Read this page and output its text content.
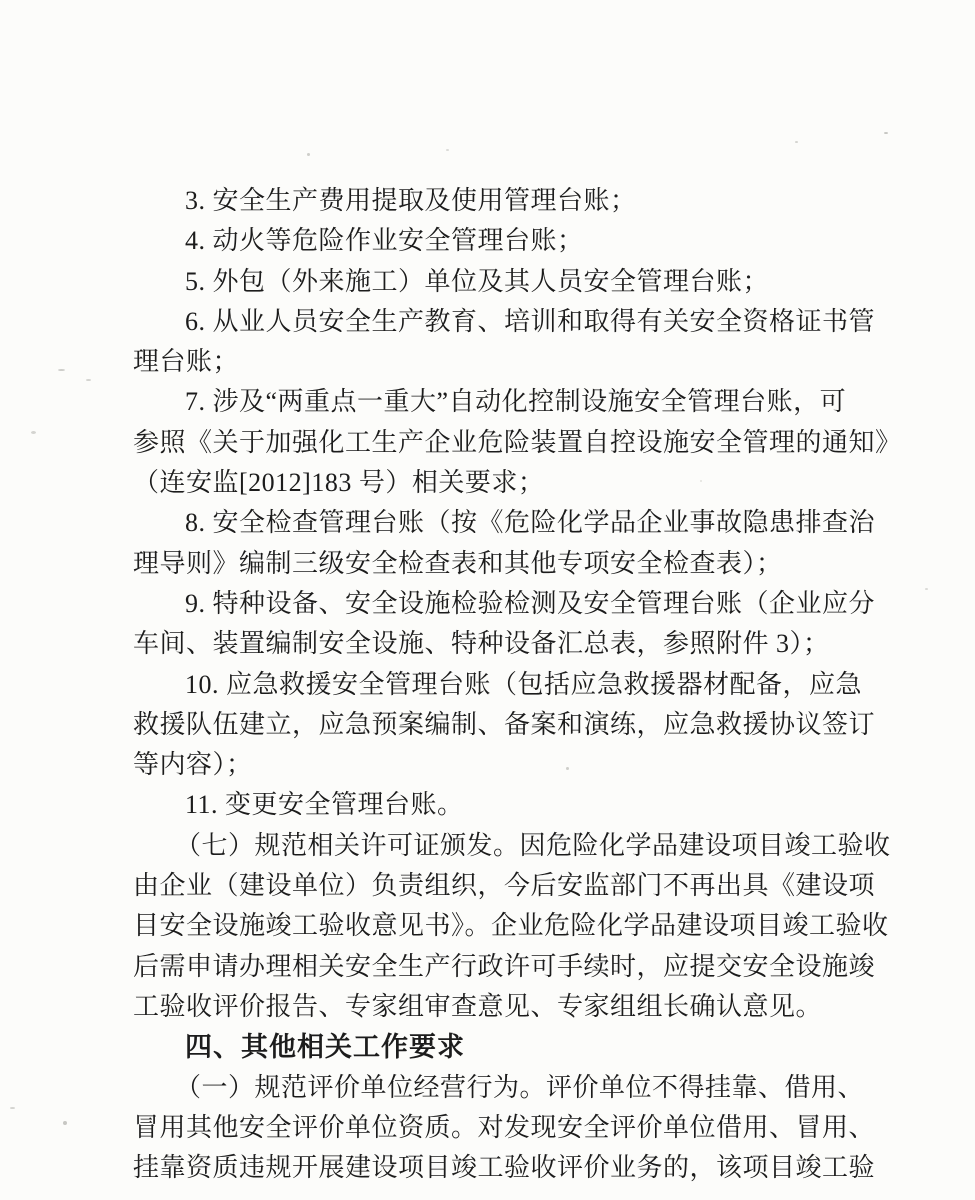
3. 安全生产费用提取及使用管理台账；
4. 动火等危险作业安全管理台账；
5. 外包（外来施工）单位及其人员安全管理台账；
6. 从业人员安全生产教育、培训和取得有关安全资格证书管
理台账；
7. 涉及“两重点一重大”自动化控制设施安全管理台账，可
参照《关于加强化工生产企业危险装置自控设施安全管理的通知》
（连安监[2012]183 号）相关要求；
8. 安全检查管理台账（按《危险化学品企业事故隐患排查治
理导则》编制三级安全检查表和其他专项安全检查表）；
9. 特种设备、安全设施检验检测及安全管理台账（企业应分
车间、装置编制安全设施、特种设备汇总表，参照附件 3）；
10. 应急救援安全管理台账（包括应急救援器材配备，应急
救援队伍建立，应急预案编制、备案和演练，应急救援协议签订
等内容）；
11. 变更安全管理台账。
（七）规范相关许可证颁发。因危险化学品建设项目竣工验收
由企业（建设单位）负责组织，今后安监部门不再出具《建设项
目安全设施竣工验收意见书》。企业危险化学品建设项目竣工验收
后需申请办理相关安全生产行政许可手续时，应提交安全设施竣
工验收评价报告、专家组审查意见、专家组组长确认意见。
四、其他相关工作要求
（一）规范评价单位经营行为。评价单位不得挂靠、借用、
冒用其他安全评价单位资质。对发现安全评价单位借用、冒用、
挂靠资质违规开展建设项目竣工验收评价业务的，该项目竣工验
